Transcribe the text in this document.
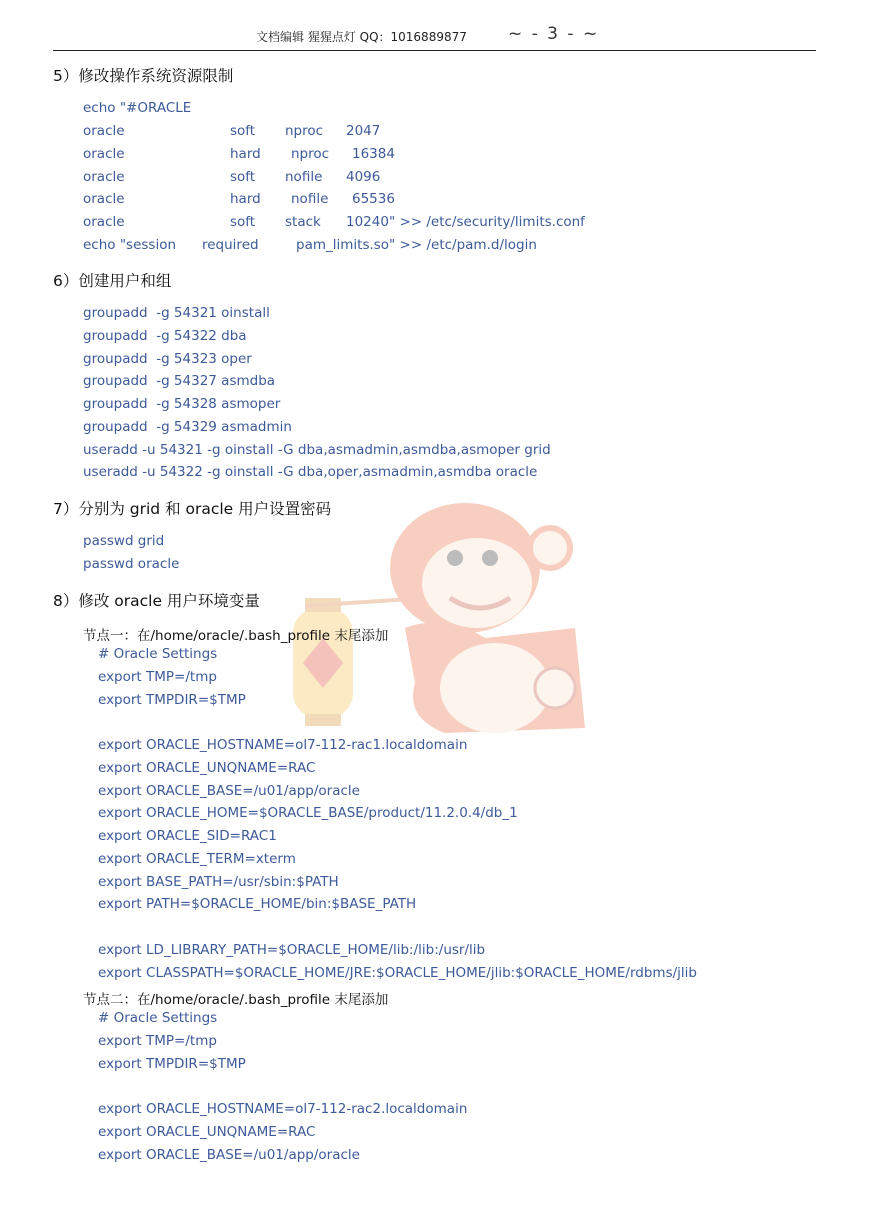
文档编辑 猩猩点灯 QQ：1016889877 ~ - 3 - ~
5）修改操作系统资源限制
echo "#ORACLE
oracle	soft nproc 2047
oracle	hard nproc 16384
oracle	soft nofile 4096
oracle	hard nofile 65536
oracle	soft stack 10240" >> /etc/security/limits.conf

echo "session

required

	pam_limits.so" >> /etc/pam.d/login

6）创建用户和组
groupadd  -g 54321 oinstall
groupadd  -g 54322 dba
groupadd  -g 54323 oper
groupadd  -g 54327 asmdba
groupadd  -g 54328 asmoper
groupadd  -g 54329 asmadmin
useradd -u 54321 -g oinstall -G dba,asmadmin,asmdba,asmoper grid
useradd -u 54322 -g oinstall -G dba,oper,asmadmin,asmdba oracle
7）分别为 grid 和 oracle 用户设置密码
passwd grid
passwd oracle
8）修改 oracle 用户环境变量
节点一：在/home/oracle/.bash_profile 末尾添加
# Oracle Settings
export TMP=/tmp
export TMPDIR=$TMP
export ORACLE_HOSTNAME=ol7-112-rac1.localdomain
export ORACLE_UNQNAME=RAC
export ORACLE_BASE=/u01/app/oracle
export ORACLE_HOME=$ORACLE_BASE/product/11.2.0.4/db_1
export ORACLE_SID=RAC1
export ORACLE_TERM=xterm
export BASE_PATH=/usr/sbin:$PATH
export PATH=$ORACLE_HOME/bin:$BASE_PATH
export LD_LIBRARY_PATH=$ORACLE_HOME/lib:/lib:/usr/lib
export CLASSPATH=$ORACLE_HOME/JRE:$ORACLE_HOME/jlib:$ORACLE_HOME/rdbms/jlib
节点二：在/home/oracle/.bash_profile 末尾添加
# Oracle Settings
export TMP=/tmp
export TMPDIR=$TMP
export ORACLE_HOSTNAME=ol7-112-rac2.localdomain
export ORACLE_UNQNAME=RAC
export ORACLE_BASE=/u01/app/oracle
